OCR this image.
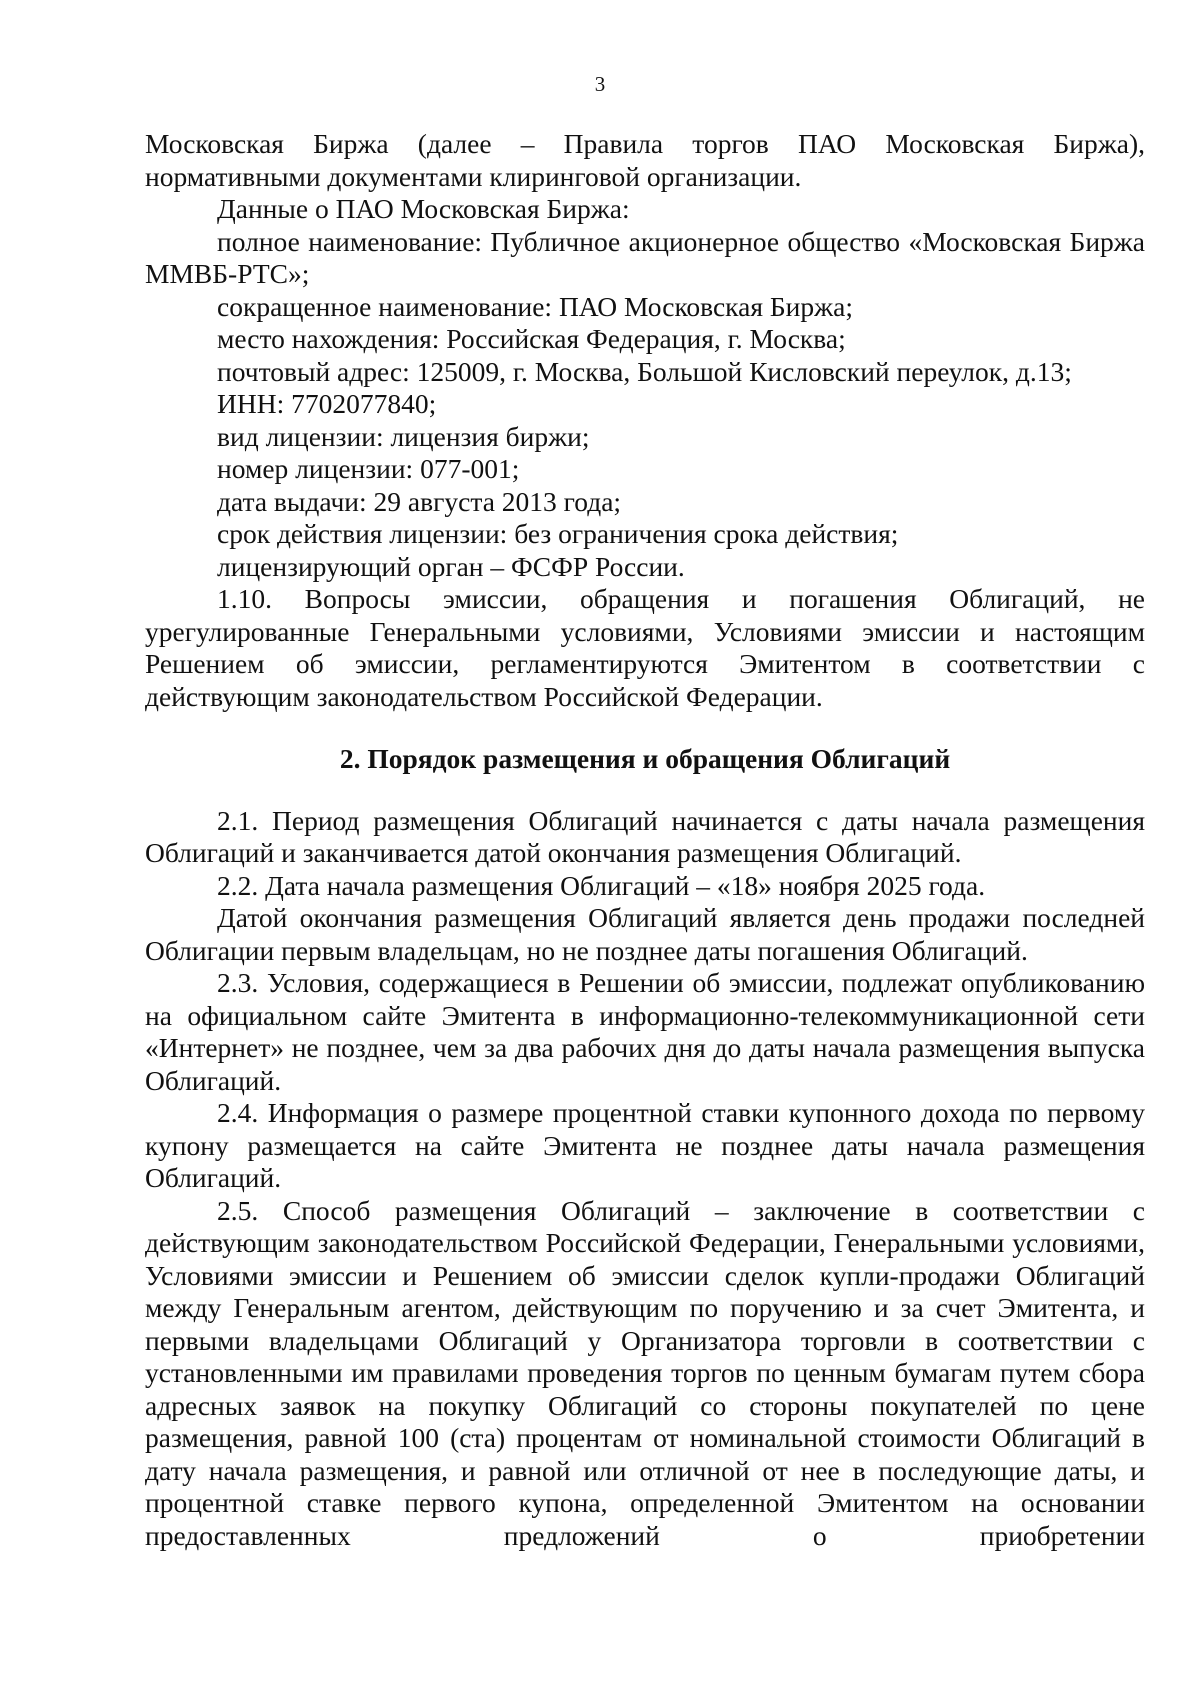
3

Московская Биржа (далее – Правила торгов ПАО Московская Биржа), нормативными документами клиринговой организации.

Данные о ПАО Московская Биржа:

полное наименование: Публичное акционерное общество «Московская Биржа ММВБ-РТС»;

сокращенное наименование: ПАО Московская Биржа;

место нахождения: Российская Федерация, г. Москва;

почтовый адрес: 125009, г. Москва, Большой Кисловский переулок, д.13;

ИНН: 7702077840;

вид лицензии: лицензия биржи;

номер лицензии: 077-001;

дата выдачи: 29 августа 2013 года;

срок действия лицензии: без ограничения срока действия;

лицензирующий орган – ФСФР России.

1.10. Вопросы эмиссии, обращения и погашения Облигаций, не урегулированные Генеральными условиями, Условиями эмиссии и настоящим Решением об эмиссии, регламентируются Эмитентом в соответствии с действующим законодательством Российской Федерации.

2. Порядок размещения и обращения Облигаций

2.1. Период размещения Облигаций начинается с даты начала размещения Облигаций и заканчивается датой окончания размещения Облигаций.

2.2. Дата начала размещения Облигаций – «18» ноября 2025 года.

Датой окончания размещения Облигаций является день продажи последней Облигации первым владельцам, но не позднее даты погашения Облигаций.

2.3. Условия, содержащиеся в Решении об эмиссии, подлежат опубликованию на официальном сайте Эмитента в информационно-телекоммуникационной сети «Интернет» не позднее, чем за два рабочих дня до даты начала размещения выпуска Облигаций.

2.4. Информация о размере процентной ставки купонного дохода по первому купону размещается на сайте Эмитента не позднее даты начала размещения Облигаций.

2.5. Способ размещения Облигаций – заключение в соответствии с действующим законодательством Российской Федерации, Генеральными условиями, Условиями эмиссии и Решением об эмиссии сделок купли-продажи Облигаций между Генеральным агентом, действующим по поручению и за счет Эмитента, и первыми владельцами Облигаций у Организатора торговли в соответствии с установленными им правилами проведения торгов по ценным бумагам путем сбора адресных заявок на покупку Облигаций со стороны покупателей по цене размещения, равной 100 (ста) процентам от номинальной стоимости Облигаций в дату начала размещения, и равной или отличной от нее в последующие даты, и процентной ставке первого купона, определенной Эмитентом на основании предоставленных предложений о приобретении
